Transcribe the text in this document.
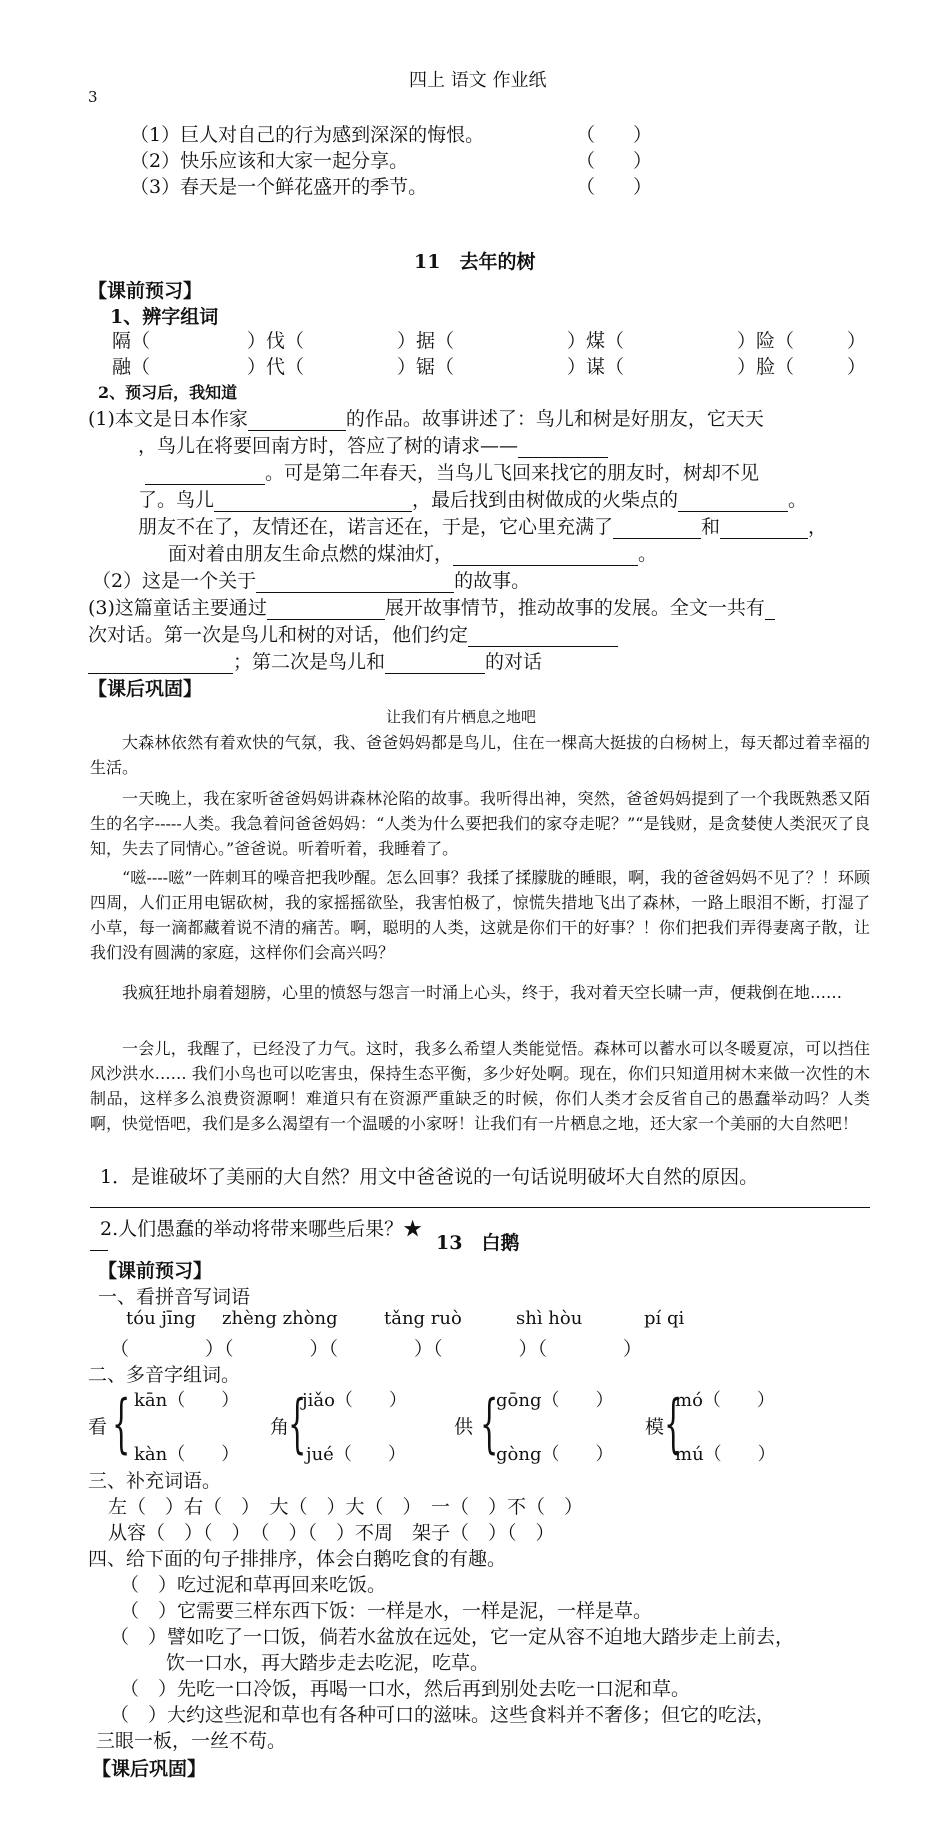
四上 语文 作业纸
3
（1）巨人对自己的行为感到深深的悔恨。	（　　）
（2）快乐应该和大家一起分享。	（　　）
（3）春天是一个鲜花盛开的季节。	（　　）
11　去年的树
【课前预习】
1、辨字组词
隔（	）伐（	）据（	）煤（	）险（	）
融（	）代（	）锯（	）谋（	）脸（	）
2、预习后，我知道
(1)本文是日本作家	的作品。故事讲述了：鸟儿和树是好朋友，它天天
，鸟儿在将要回南方时，答应了树的请求——
。可是第二年春天，当鸟儿飞回来找它的朋友时，树却不见
了。鸟儿	，最后找到由树做成的火柴点的	。
朋友不在了，友情还在，诺言还在，于是，它心里充满了	和	，
面对着由朋友生命点燃的煤油灯，	。
（2）这是一个关于	的故事。
(3)这篇童话主要通过	展开故事情节，推动故事的发展。全文一共有
次对话。第一次是鸟儿和树的对话，他们约定
；第二次是鸟儿和	的对话
【课后巩固】
让我们有片栖息之地吧
大森林依然有着欢快的气氛，我、爸爸妈妈都是鸟儿，住在一棵高大挺拔的白杨树上，每天都过着幸福的生活。
一天晚上，我在家听爸爸妈妈讲森林沦陷的故事。我听得出神，突然，爸爸妈妈提到了一个我既熟悉又陌生的名字-----人类。我急着问爸爸妈妈：“人类为什么要把我们的家夺走呢？”“是钱财，是贪婪使人类泯灭了良知，失去了同情心。”爸爸说。听着听着，我睡着了。
“嗞----嗞”一阵刺耳的噪音把我吵醒。怎么回事？我揉了揉朦胧的睡眼，啊，我的爸爸妈妈不见了？！环顾四周，人们正用电锯砍树，我的家摇摇欲坠，我害怕极了，惊慌失措地飞出了森林，一路上眼泪不断，打湿了小草，每一滴都藏着说不清的痛苦。啊，聪明的人类，这就是你们干的好事？！你们把我们弄得妻离子散，让我们没有圆满的家庭，这样你们会高兴吗？
我疯狂地扑扇着翅膀，心里的愤怒与怨言一时涌上心头，终于，我对着天空长啸一声，便栽倒在地……
一会儿，我醒了，已经没了力气。这时，我多么希望人类能觉悟。森林可以蓄水可以冬暖夏凉，可以挡住风沙洪水…… 我们小鸟也可以吃害虫，保持生态平衡，多少好处啊。现在，你们只知道用树木来做一次性的木制品，这样多么浪费资源啊！难道只有在资源严重缺乏的时候，你们人类才会反省自己的愚蠢举动吗？人类啊，快觉悟吧，我们是多么渴望有一个温暖的小家呀！让我们有一片栖息之地，还大家一个美丽的大自然吧！
1．是谁破坏了美丽的大自然？用文中爸爸说的一句话说明破坏大自然的原因。
2.人们愚蠢的举动将带来哪些后果？★
13　白鹅
【课前预习】
一、看拼音写词语
tóu jīng zhèng zhòng	tǎng ruò	shì hòu	pí qi
（　　　　）（　　　　）（　　　　）（　　　　）（　　　　）
二、多音字组词。
kān（　　）	jiǎo（　　）	gōng（　　）	mó（　　）
看	角	供	模
{ {	{	{
kàn（　　）	jué（　　）	gòng（　　）	mú（　　）
三、补充词语。
左（　）右（　）　大（　）大（　）　一（　）不（　）
从容（　）（　）　（　）（　）不周　架子（　）（　）
四、给下面的句子排排序，体会白鹅吃食的有趣。
（　）吃过泥和草再回来吃饭。
（　）它需要三样东西下饭：一样是水，一样是泥，一样是草。
（　）譬如吃了一口饭，倘若水盆放在远处，它一定从容不迫地大踏步走上前去，
饮一口水，再大踏步走去吃泥，吃草。
（　）先吃一口冷饭，再喝一口水，然后再到别处去吃一口泥和草。
（　）大约这些泥和草也有各种可口的滋味。这些食料并不奢侈；但它的吃法，
三眼一板，一丝不苟。
【课后巩固】
